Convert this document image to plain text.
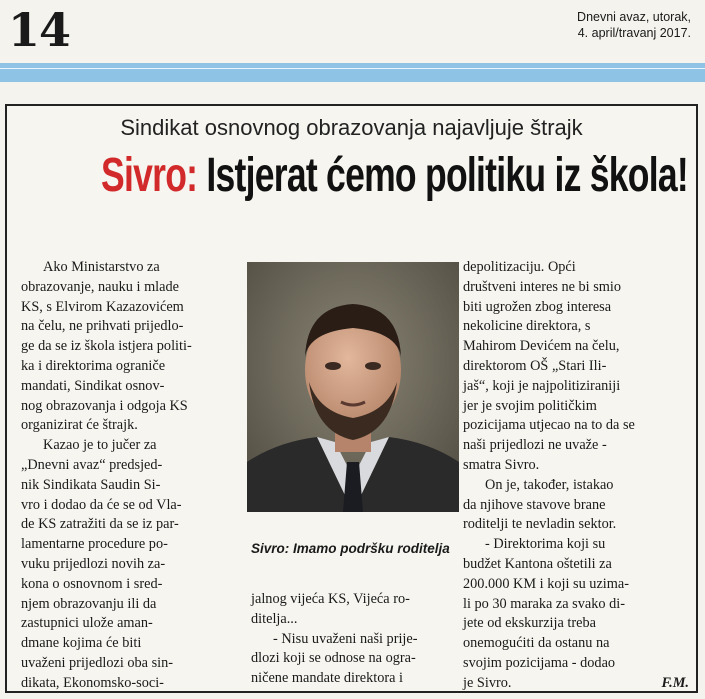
14	Dnevni avaz, utorak,
4. april/travanj 2017.
Sindikat osnovnog obrazovanja najavljuje štrajk
Sivro: Istjerat ćemo politiku iz škola!
Ako Ministarstvo za
obrazovanje, nauku i mlade
KS, s Elvirom Kazazovićem
na čelu, ne prihvati prijedlo-
ge da se iz škola istjera politi-
ka i direktorima ograniče
mandati, Sindikat osnov-
nog obrazovanja i odgoja KS
organizirat će štrajk.
Kazao je to jučer za
„Dnevni avaz“ predsjed-
nik Sindikata Saudin Si-
vro i dodao da će se od Vla-
de KS zatražiti da se iz par-
lamentarne procedure po-
vuku prijedlozi novih za-
kona o osnovnom i sred-
njem obrazovanju ili da
zastupnici ulože aman-
dmane kojima će biti
uvaženi prijedlozi oba sin-
dikata, Ekonomsko-soci-
Sivro: Imamo podršku roditelja
jalnog vijeća KS, Vijeća ro-
ditelja...
- Nisu uvaženi naši prije-
dlozi koji se odnose na ogra-
ničene mandate direktora i
depolitizaciju. Opći
društveni interes ne bi smio
biti ugrožen zbog interesa
nekolicine direktora, s
Mahirom Devićem na čelu,
direktorom OŠ „Stari Ili-
jaš“, koji je najpolitiziraniji
jer je svojim političkim
pozicijama utjecao na to da se
naši prijedlozi ne uvaže -
smatra Sivro.
On je, također, istakao
da njihove stavove brane
roditelji te nevladin sektor.
- Direktorima koji su
budžet Kantona oštetili za
200.000 KM i koji su uzima-
li po 30 maraka za svako di-
jete od ekskurzija treba
onemogućiti da ostanu na
svojim pozicijama - dodao
je Sivro.	F.M.
